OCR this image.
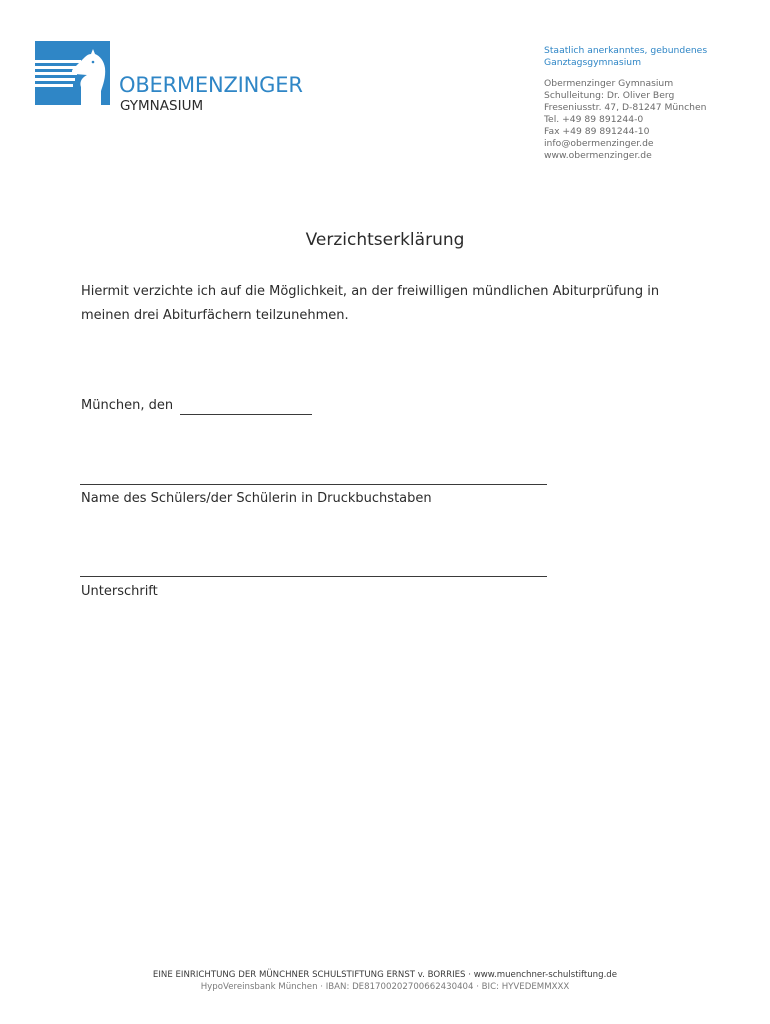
OBERMENZINGER
GYMNASIUM
Staatlich anerkanntes, gebundenes
Ganztagsgymnasium
Obermenzinger Gymnasium
Schulleitung: Dr. Oliver Berg
Freseniusstr. 47, D-81247 München
Tel. +49 89 891244-0
Fax +49 89 891244-10
info@obermenzinger.de
www.obermenzinger.de
Verzichtserklärung
Hiermit verzichte ich auf die Möglichkeit, an der freiwilligen mündlichen Abiturprüfung in
meinen drei Abiturfächern teilzunehmen.
München, den
Name des Schülers/der Schülerin in Druckbuchstaben
Unterschrift
EINE EINRICHTUNG DER MÜNCHNER SCHULSTIFTUNG ERNST v. BORRIES · www.muenchner-schulstiftung.de
HypoVereinsbank München · IBAN: DE81700202700662430404 · BIC: HYVEDEMMXXX
